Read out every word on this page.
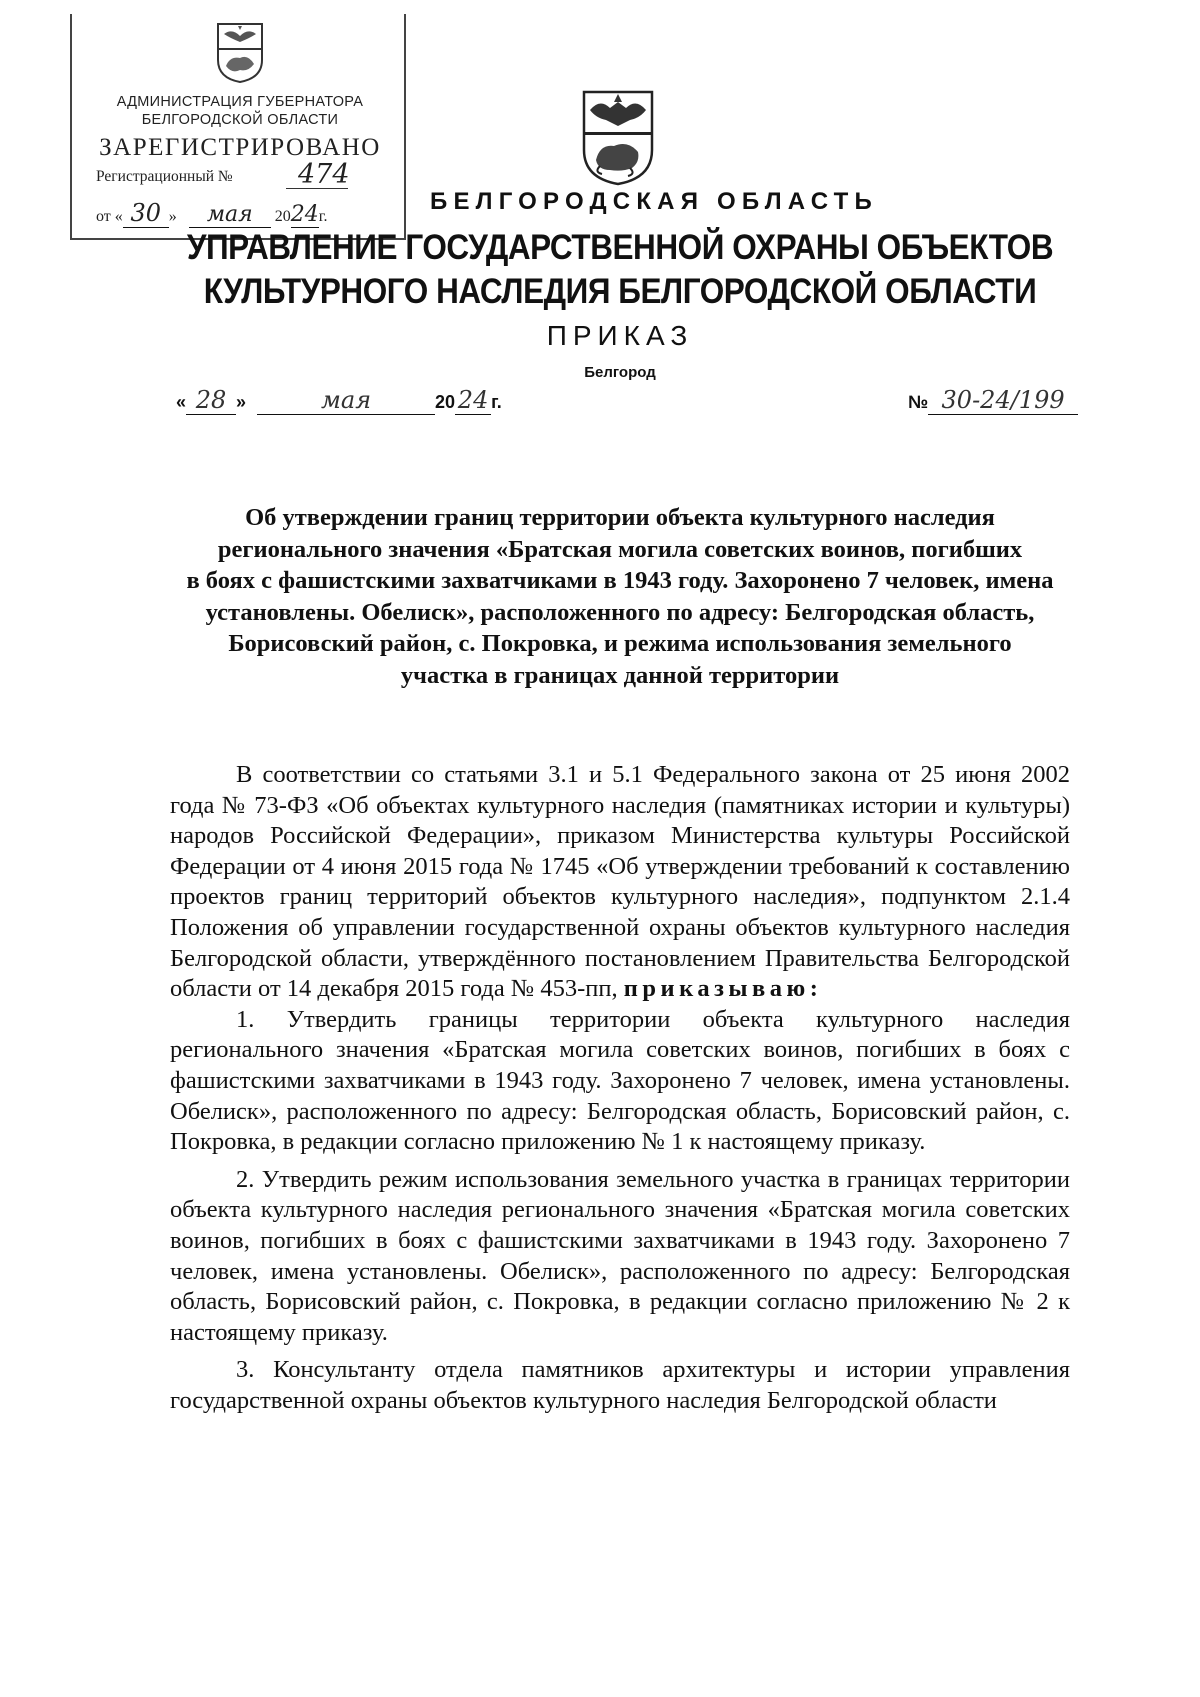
АДМИНИСТРАЦИЯ ГУБЕРНАТОРА
БЕЛГОРОДСКОЙ ОБЛАСТИ
ЗАРЕГИСТРИРОВАНО
Регистрационный № 474
от « 30 » мая 2024г.
БЕЛГОРОДСКАЯ ОБЛАСТЬ
УПРАВЛЕНИЕ ГОСУДАРСТВЕННОЙ ОХРАНЫ ОБЪЕКТОВ
КУЛЬТУРНОГО НАСЛЕДИЯ БЕЛГОРОДСКОЙ ОБЛАСТИ
ПРИКАЗ
Белгород
« 28 »	мая	20 24 г.	№ 30-24/199
Об утверждении границ территории объекта культурного наследия
регионального значения «Братская могила советских воинов, погибших
в боях с фашистскими захватчиками в 1943 году. Захоронено 7 человек, имена
установлены. Обелиск», расположенного по адресу: Белгородская область,
Борисовский район, с. Покровка, и режима использования земельного
участка в границах данной территории

В соответствии со статьями 3.1 и 5.1 Федерального закона от 25 июня 2002 года № 73-ФЗ «Об объектах культурного наследия (памятниках истории и культуры) народов Российской Федерации», приказом Министерства культуры Российской Федерации от 4 июня 2015 года № 1745 «Об утверждении требований к составлению проектов границ территорий объектов культурного наследия», подпунктом 2.1.4 Положения об управлении государственной охраны объектов культурного наследия Белгородской области, утверждённого постановлением Правительства Белгородской области от 14 декабря 2015 года № 453-пп, приказываю:

1. Утвердить границы территории объекта культурного наследия регионального значения «Братская могила советских воинов, погибших в боях с фашистскими захватчиками в 1943 году. Захоронено 7 человек, имена установлены. Обелиск», расположенного по адресу: Белгородская область, Борисовский район, с. Покровка, в редакции согласно приложению № 1 к настоящему приказу.

2. Утвердить режим использования земельного участка в границах территории объекта культурного наследия регионального значения «Братская могила советских воинов, погибших в боях с фашистскими захватчиками в 1943 году. Захоронено 7 человек, имена установлены. Обелиск», расположенного по адресу: Белгородская область, Борисовский район, с. Покровка, в редакции согласно приложению № 2 к настоящему приказу.

3. Консультанту отдела памятников архитектуры и истории управления государственной охраны объектов культурного наследия Белгородской области
